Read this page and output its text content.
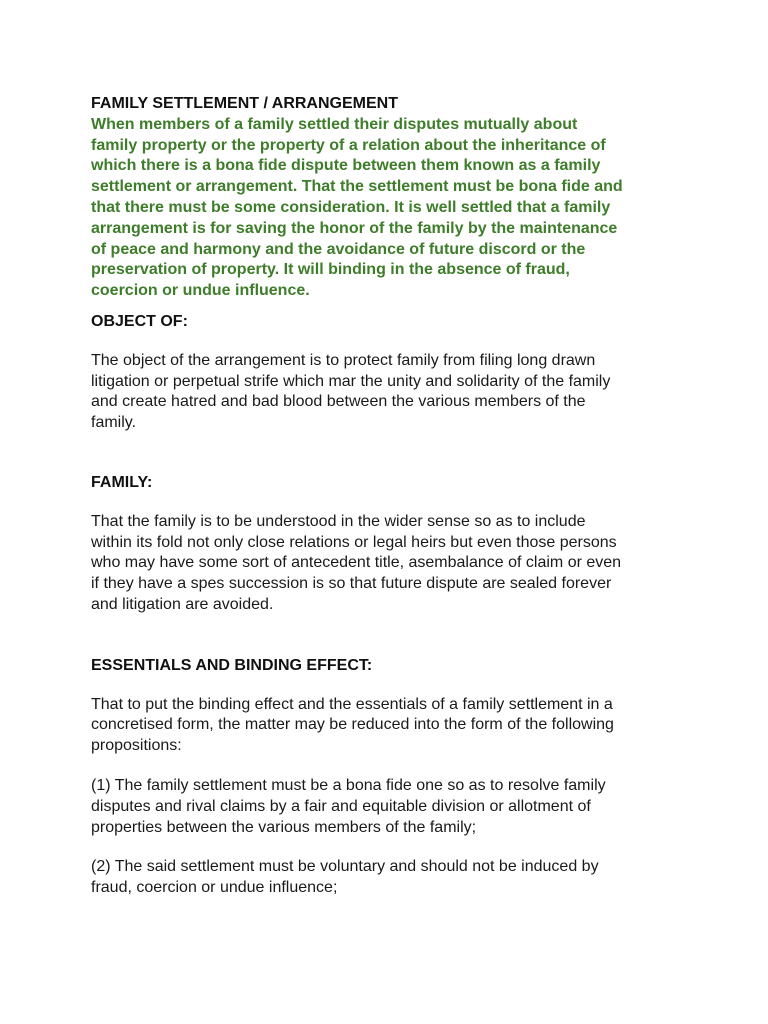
FAMILY SETTLEMENT / ARRANGEMENT

When members of a family settled their disputes mutually about
family property or the property of a relation about the inheritance of
which there is a bona fide dispute between them known as a family
settlement or arrangement. That the settlement must be bona fide and
that there must be some consideration. It is well settled that a family
arrangement is for saving the honor of the family by the maintenance
of peace and harmony and the avoidance of future discord or the
preservation of property. It will binding in the absence of fraud,
coercion or undue influence.

OBJECT OF:

The object of the arrangement is to protect family from filing long drawn
litigation or perpetual strife which mar the unity and solidarity of the family
and create hatred and bad blood between the various members of the
family.

FAMILY:

That the family is to be understood in the wider sense so as to include
within its fold not only close relations or legal heirs but even those persons
who may have some sort of antecedent title, asembalance of claim or even
if they have a spes succession is so that future dispute are sealed forever
and litigation are avoided.

ESSENTIALS AND BINDING EFFECT:

That to put the binding effect and the essentials of a family settlement in a
concretised form, the matter may be reduced into the form of the following
propositions:
(1) The family settlement must be a bona fide one so as to resolve family
disputes and rival claims by a fair and equitable division or allotment of
properties between the various members of the family;
(2) The said settlement must be voluntary and should not be induced by
fraud, coercion or undue influence;
